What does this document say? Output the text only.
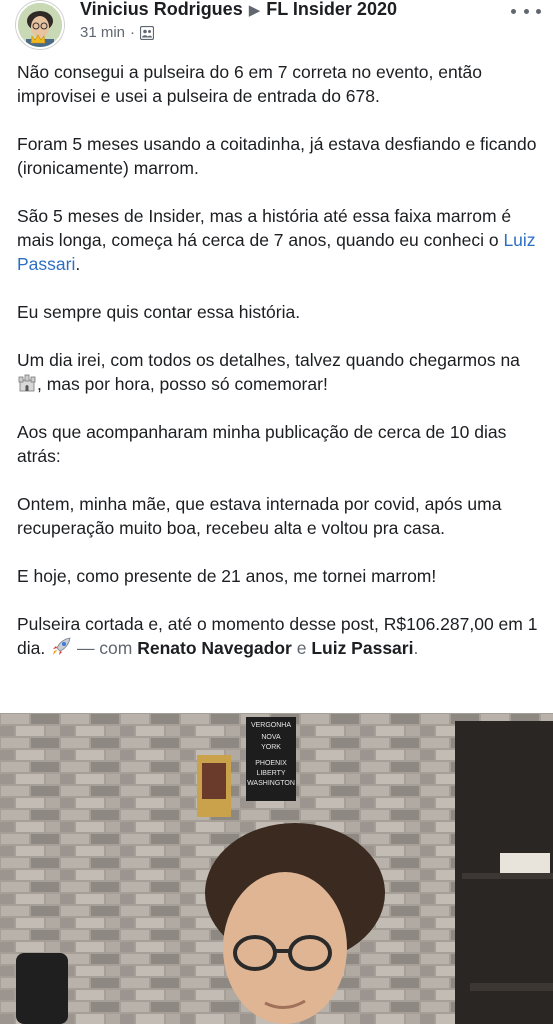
Vinicius Rodrigues ▶ FL Insider 2020
31 min ·

Não consegui a pulseira do 6 em 7 correta no evento, então improvisei e usei a pulseira de entrada do 678.

Foram 5 meses usando a coitadinha, já estava desfiando e ficando (ironicamente) marrom.

São 5 meses de Insider, mas a história até essa faixa marrom é mais longa, começa há cerca de 7 anos, quando eu conheci o Luiz Passari.

Eu sempre quis contar essa história.

Um dia irei, com todos os detalhes, talvez quando chegarmos na , mas por hora, posso só comemorar!

Aos que acompanharam minha publicação de cerca de 10 dias atrás:

Ontem, minha mãe, que estava internada por covid, após uma recuperação muito boa, recebeu alta e voltou pra casa.

E hoje, como presente de 21 anos, me tornei marrom!

Pulseira cortada e, até o momento desse post, R$106.287,00 em 1 dia.  — com Renato Navegador e Luiz Passari.

VERGONHA
NOVA
YORK
PHOENIX
LIBERTY
WASHINGTON
